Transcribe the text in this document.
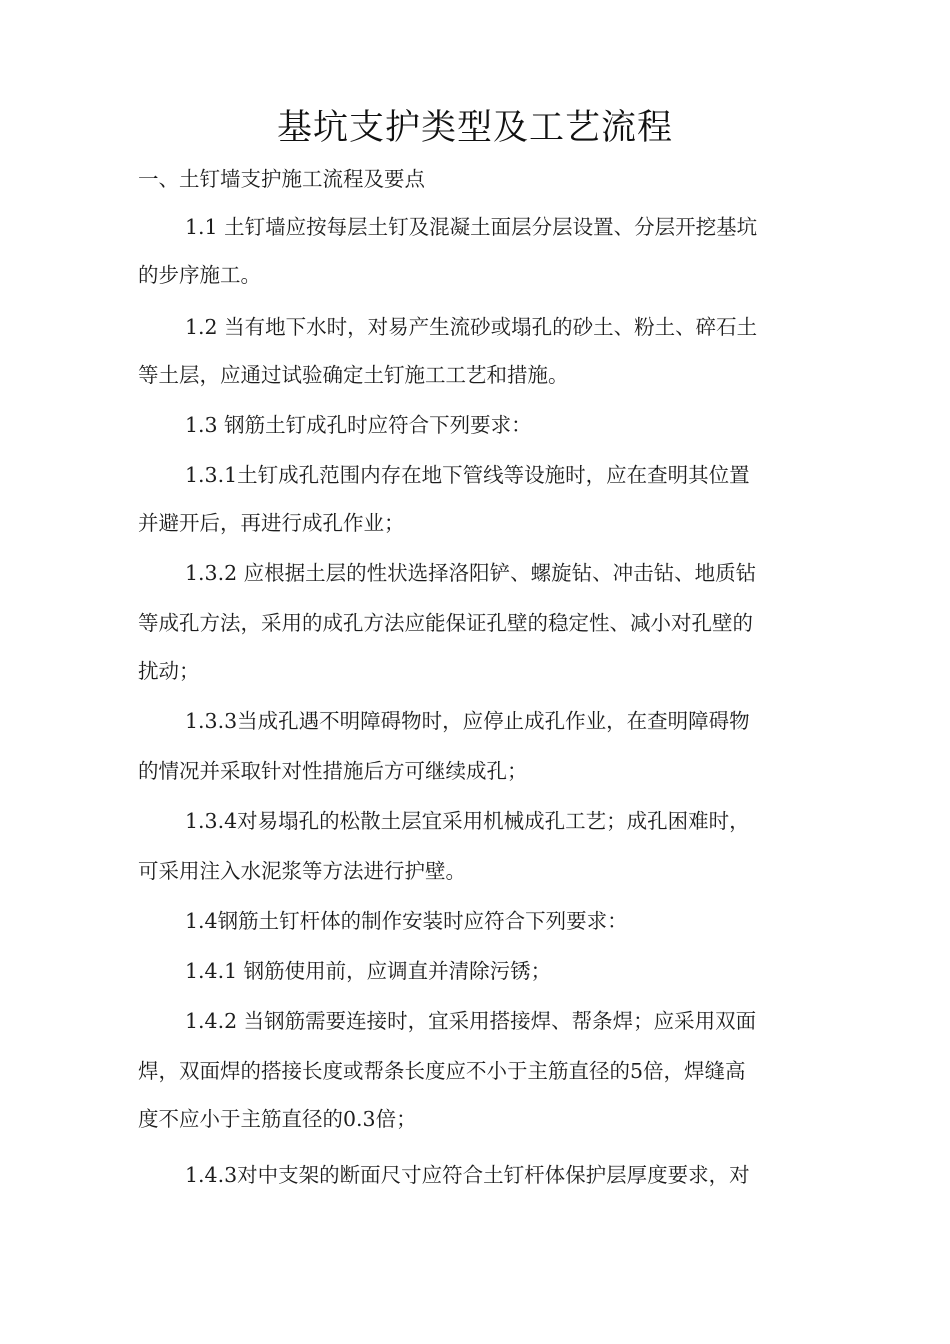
基坑支护类型及工艺流程
一、土钉墙支护施工流程及要点
1.1 土钉墙应按每层土钉及混凝土面层分层设置、分层开挖基坑
的步序施工。
1.2 当有地下水时，对易产生流砂或塌孔的砂土、粉土、碎石土
等土层，应通过试验确定土钉施工工艺和措施。
1.3 钢筋土钉成孔时应符合下列要求：
1.3.1土钉成孔范围内存在地下管线等设施时，应在查明其位置
并避开后，再进行成孔作业；
1.3.2 应根据土层的性状选择洛阳铲、螺旋钻、冲击钻、地质钻
等成孔方法，采用的成孔方法应能保证孔壁的稳定性、减小对孔壁的
扰动；
1.3.3当成孔遇不明障碍物时，应停止成孔作业，在查明障碍物
的情况并采取针对性措施后方可继续成孔；
1.3.4对易塌孔的松散土层宜采用机械成孔工艺；成孔困难时，
可采用注入水泥浆等方法进行护壁。
1.4钢筋土钉杆体的制作安装时应符合下列要求：
1.4.1 钢筋使用前，应调直并清除污锈；
1.4.2 当钢筋需要连接时，宜采用搭接焊、帮条焊；应采用双面
焊，双面焊的搭接长度或帮条长度应不小于主筋直径的5倍，焊缝高
度不应小于主筋直径的0.3倍；
1.4.3对中支架的断面尺寸应符合土钉杆体保护层厚度要求，对
